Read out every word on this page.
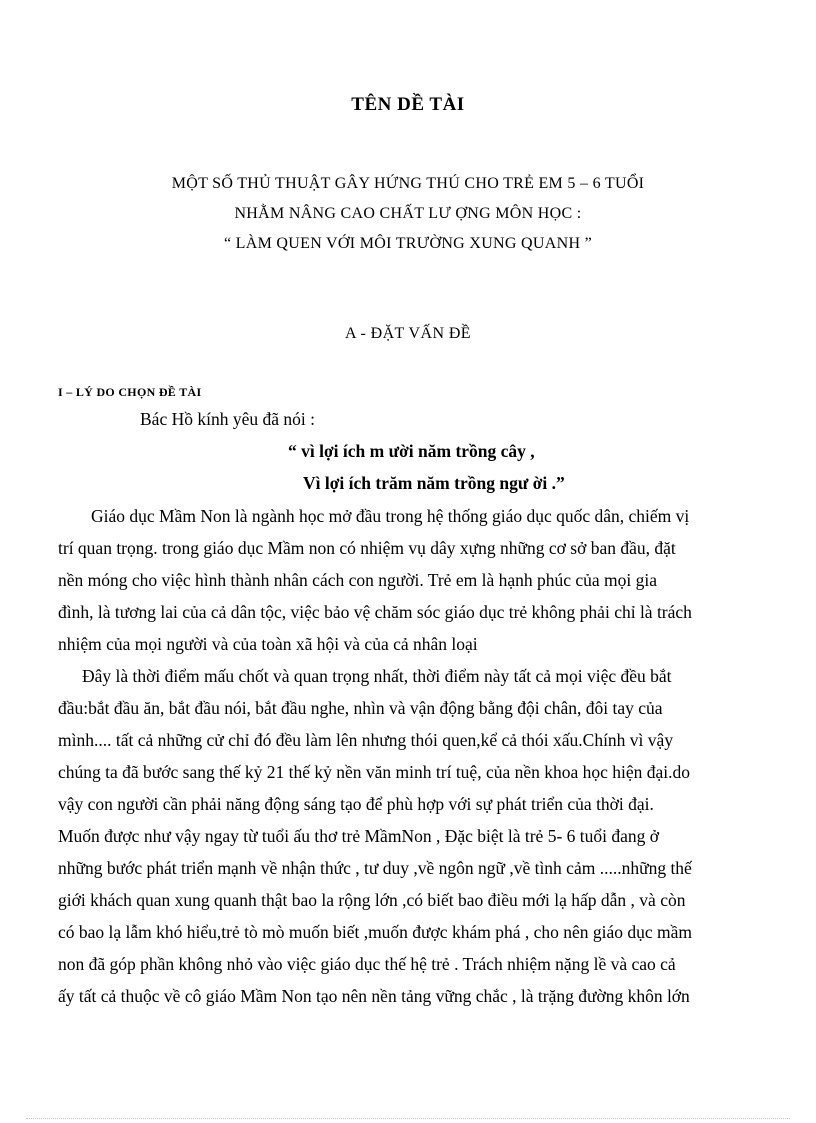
TÊN DỀ TÀI
MỘT SỐ THỦ THUẬT GÂY HỨNG THÚ CHO TRẺ EM 5 – 6 TUỔI
NHẰM NÂNG CAO CHẤT LƯ ỢNG MÔN HỌC :
“ LÀM QUEN VỚI MÔI TRƯỜNG XUNG QUANH ”
A - ĐẶT VẤN ĐỀ
I – LÝ DO CHỌN ĐỀ TÀI
Bác Hồ kính yêu đã nói :
“ vì lợi ích m ười năm trồng cây ,
Vì lợi ích trăm năm trồng ngư ời .”
Giáo dục Mầm Non là ngành học mở đầu trong hệ thống giáo dục quốc dân, chiếm vị
trí quan trọng. trong giáo dục Mầm non có nhiệm vụ dây xựng những cơ sở ban đầu, đặt
nền móng cho việc hình thành nhân cách con người. Trẻ em là hạnh phúc của mọi gia
đình, là tương lai của cả dân tộc, việc bảo vệ chăm sóc giáo dục trẻ không phải chỉ là trách
nhiệm của mọi người và của toàn xã hội và của cả nhân loại
Đây là thời điểm mấu chốt và quan trọng nhất, thời điểm này tất cả mọi việc đều bắt
đầu:bắt đầu ăn, bắt đầu nói, bắt đầu nghe, nhìn và vận động bằng đội chân, đôi tay của
mình.... tất cả những cử chỉ đó đều làm lên nhưng thói quen,kể cả thói xấu.Chính vì vậy
chúng ta đã bước sang thế kỷ 21 thế kỷ nền văn minh trí tuệ, của nền khoa học hiện đại.do
vậy con người cần phải năng động sáng tạo để phù hợp với sự phát triển của thời đại.
Muốn được như vậy ngay từ tuổi ấu thơ trẻ MầmNon , Đặc biệt là trẻ 5- 6 tuổi đang ở
những bước phát triển mạnh về nhận thức , tư duy ,về ngôn ngữ ,về tình cảm .....những thế
giới khách quan xung quanh thật bao la rộng lớn ,có biết bao điều mới lạ hấp dẫn , và còn
có bao lạ lẫm khó hiểu,trẻ tò mò muốn biết ,muốn được khám phá , cho nên giáo dục mầm
non đã góp phần không nhỏ vào việc giáo dục thế hệ trẻ . Trách nhiệm nặng lề và cao cả
ấy tất cả thuộc về cô giáo Mầm Non tạo nên nền tảng vững chắc , là trặng đường khôn lớn
